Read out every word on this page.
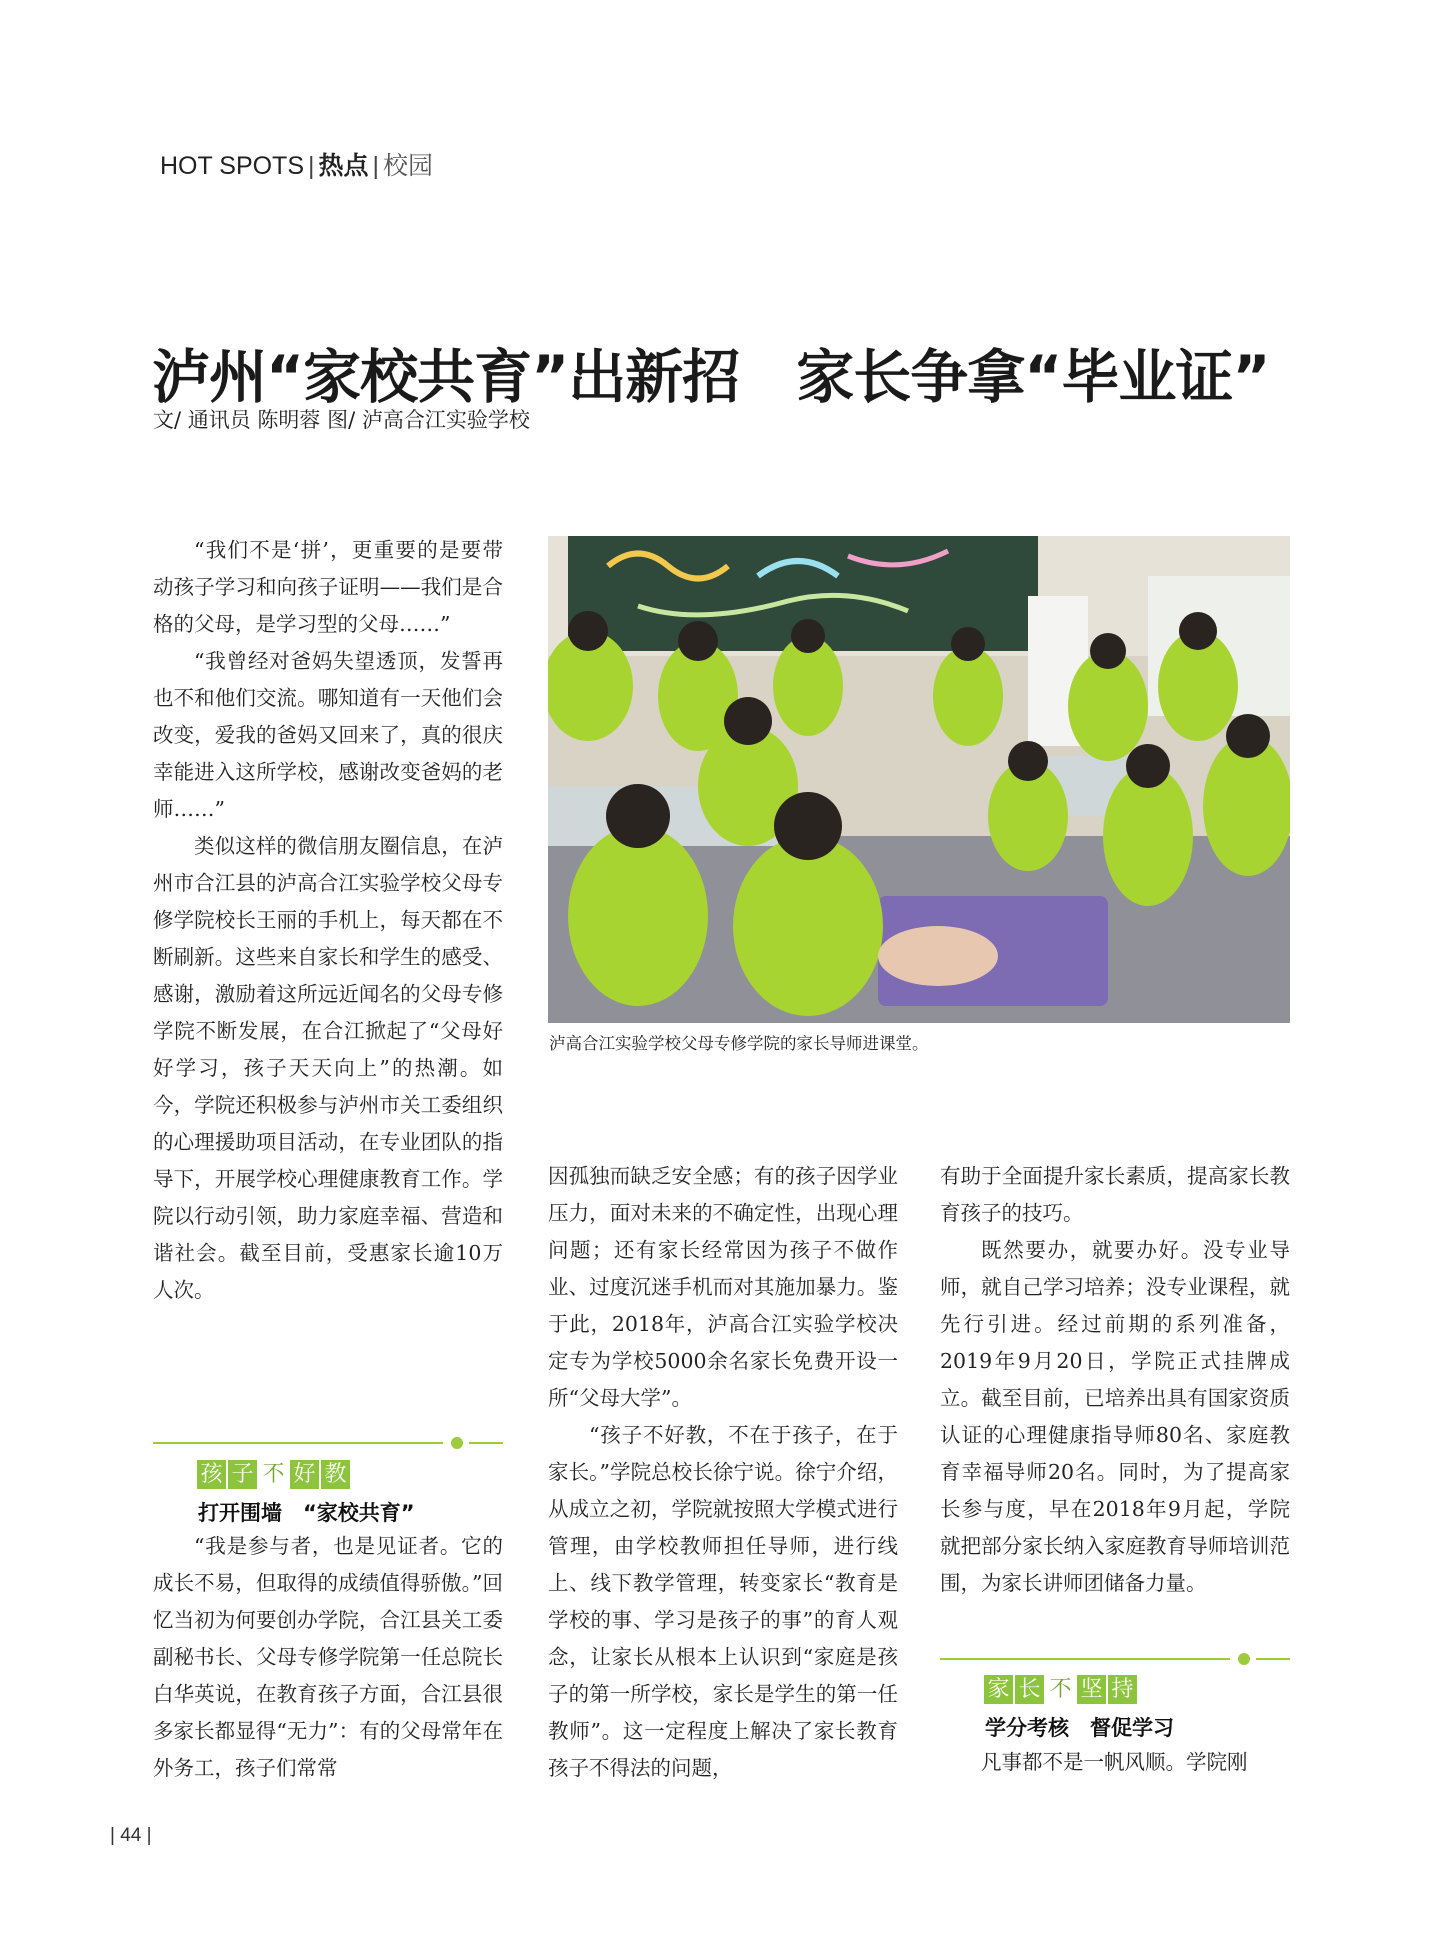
HOT SPOTS | 热点 | 校园
泸州“家校共育”出新招　家长争拿“毕业证”
文/ 通讯员 陈明蓉 图/ 泸高合江实验学校

“我们不是‘拼’，更重要的是要带动孩子学习和向孩子证明——我们是合格的父母，是学习型的父母……”

“我曾经对爸妈失望透顶，发誓再也不和他们交流。哪知道有一天他们会改变，爱我的爸妈又回来了，真的很庆幸能进入这所学校，感谢改变爸妈的老师……”

类似这样的微信朋友圈信息，在泸州市合江县的泸高合江实验学校父母专修学院校长王丽的手机上，每天都在不断刷新。这些来自家长和学生的感受、感谢，激励着这所远近闻名的父母专修学院不断发展，在合江掀起了“父母好好学习，孩子天天向上”的热潮。如今，学院还积极参与泸州市关工委组织的心理援助项目活动，在专业团队的指导下，开展学校心理健康教育工作。学院以行动引领，助力家庭幸福、营造和谐社会。截至目前，受惠家长逾10万人次。

孩 子 不 好 教
打开围墙　“家校共育”

“我是参与者，也是见证者。它的成长不易，但取得的成绩值得骄傲。”回忆当初为何要创办学院，合江县关工委副秘书长、父母专修学院第一任总院长白华英说，在教育孩子方面，合江县很多家长都显得“无力”：有的父母常年在外务工，孩子们常常

泸高合江实验学校父母专修学院的家长导师进课堂。

因孤独而缺乏安全感；有的孩子因学业压力，面对未来的不确定性，出现心理问题；还有家长经常因为孩子不做作业、过度沉迷手机而对其施加暴力。鉴于此，2018年，泸高合江实验学校决定专为学校5000余名家长免费开设一所“父母大学”。

“孩子不好教，不在于孩子，在于家长。”学院总校长徐宁说。徐宁介绍，从成立之初，学院就按照大学模式进行管理，由学校教师担任导师，进行线上、线下教学管理，转变家长“教育是学校的事、学习是孩子的事”的育人观念，让家长从根本上认识到“家庭是孩子的第一所学校，家长是学生的第一任教师”。这一定程度上解决了家长教育孩子不得法的问题，

有助于全面提升家长素质，提高家长教育孩子的技巧。

既然要办，就要办好。没专业导师，就自己学习培养；没专业课程，就先行引进。经过前期的系列准备，2019年9月20日，学院正式挂牌成立。截至目前，已培养出具有国家资质认证的心理健康指导师80名、家庭教育幸福导师20名。同时，为了提高家长参与度，早在2018年9月起，学院就把部分家长纳入家庭教育导师培训范围，为家长讲师团储备力量。

家 长 不 坚 持
学分考核　督促学习

凡事都不是一帆风顺。学院刚

| 44 |
